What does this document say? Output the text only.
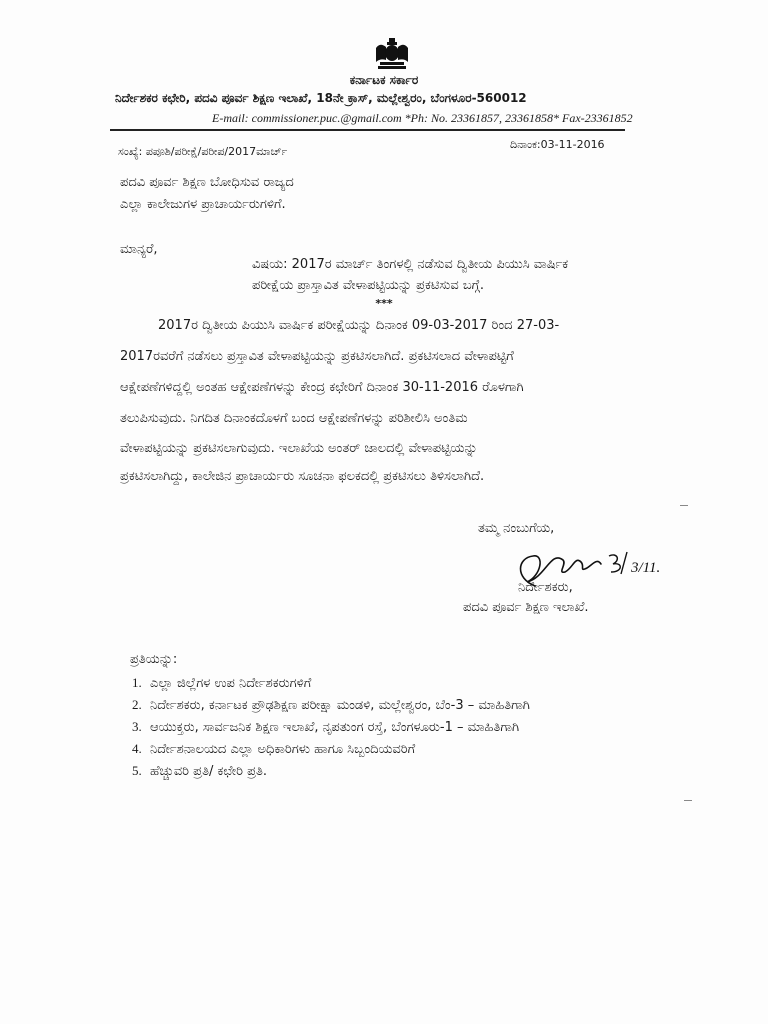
ಕರ್ನಾಟಕ ಸರ್ಕಾರ
ನಿರ್ದೇಶಕರ ಕಛೇರಿ, ಪದವಿ ಪೂರ್ವ ಶಿಕ್ಷಣ ಇಲಾಖೆ, 18ನೇ ಕ್ರಾಸ್, ಮಲ್ಲೇಶ್ವರಂ, ಬೆಂಗಳೂರ-560012
E-mail: commissioner.puc.@gmail.com *Ph: No. 23361857, 23361858* Fax-23361852
ಸಂಖ್ಯೆ: ಪಪೂಶಿ/ಪರೀಕ್ಷೆ/ಪರೀಪ/2017ಮಾರ್ಚ್
ದಿನಾಂಕ:03-11-2016
ಪದವಿ ಪೂರ್ವ ಶಿಕ್ಷಣ ಬೋಧಿಸುವ ರಾಜ್ಯದ
ಎಲ್ಲಾ ಕಾಲೇಜುಗಳ ಪ್ರಾಚಾರ್ಯರುಗಳಿಗೆ.
ಮಾನ್ಯರೆ,
ವಿಷಯ: 2017ರ ಮಾರ್ಚ್ ತಿಂಗಳಲ್ಲಿ ನಡೆಸುವ ದ್ವಿತೀಯ ಪಿಯುಸಿ ವಾರ್ಷಿಕ
ಪರೀಕ್ಷೆಯ ಪ್ರಾಸ್ತಾವಿತ ವೇಳಾಪಟ್ಟಿಯನ್ನು ಪ್ರಕಟಿಸುವ ಬಗ್ಗೆ.
***
2017ರ ದ್ವಿತೀಯ ಪಿಯುಸಿ ವಾರ್ಷಿಕ ಪರೀಕ್ಷೆಯನ್ನು ದಿನಾಂಕ 09-03-2017 ರಿಂದ 27-03-
2017ರವರೆಗೆ ನಡೆಸಲು ಪ್ರಸ್ತಾವಿತ ವೇಳಾಪಟ್ಟಿಯನ್ನು ಪ್ರಕಟಿಸಲಾಗಿದೆ. ಪ್ರಕಟಿಸಲಾದ ವೇಳಾಪಟ್ಟಿಗೆ
ಆಕ್ಷೇಪಣೆಗಳಿದ್ದಲ್ಲಿ ಅಂತಹ ಆಕ್ಷೇಪಣೆಗಳನ್ನು ಕೇಂದ್ರ ಕಛೇರಿಗೆ ದಿನಾಂಕ 30-11-2016 ರೊಳಗಾಗಿ
ತಲುಪಿಸುವುದು. ನಿಗದಿತ ದಿನಾಂಕದೊಳಗೆ ಬಂದ ಆಕ್ಷೇಪಣೆಗಳನ್ನು ಪರಿಶೀಲಿಸಿ ಅಂತಿಮ
ವೇಳಾಪಟ್ಟಿಯನ್ನು ಪ್ರಕಟಿಸಲಾಗುವುದು. ಇಲಾಖೆಯ ಅಂತರ್ ಜಾಲದಲ್ಲಿ ವೇಳಾಪಟ್ಟಿಯನ್ನು
ಪ್ರಕಟಿಸಲಾಗಿದ್ದು, ಕಾಲೇಜಿನ ಪ್ರಾಚಾರ್ಯರು ಸೂಚನಾ ಫಲಕದಲ್ಲಿ ಪ್ರಕಟಿಸಲು ತಿಳಿಸಲಾಗಿದೆ.
ತಮ್ಮ ನಂಬುಗೆಯ,
3/11.
ನಿರ್ದೇಶಕರು,
ಪದವಿ ಪೂರ್ವ ಶಿಕ್ಷಣ ಇಲಾಖೆ.
ಪ್ರತಿಯನ್ನು:
1. ಎಲ್ಲಾ ಜಿಲ್ಲೆಗಳ ಉಪ ನಿರ್ದೇಶಕರುಗಳಿಗೆ
2. ನಿರ್ದೇಶಕರು, ಕರ್ನಾಟಕ ಪ್ರೌಢಶಿಕ್ಷಣ ಪರೀಕ್ಷಾ ಮಂಡಳಿ, ಮಲ್ಲೇಶ್ವರಂ, ಬೆಂ-3 – ಮಾಹಿತಿಗಾಗಿ
3. ಆಯುಕ್ತರು, ಸಾರ್ವಜನಿಕ ಶಿಕ್ಷಣ ಇಲಾಖೆ, ನೃಪತುಂಗ ರಸ್ತೆ, ಬೆಂಗಳೂರು-1 – ಮಾಹಿತಿಗಾಗಿ
4. ನಿರ್ದೇಶನಾಲಯದ ಎಲ್ಲಾ ಅಧಿಕಾರಿಗಳು ಹಾಗೂ ಸಿಬ್ಬಂದಿಯವರಿಗೆ
5. ಹೆಚ್ಚುವರಿ ಪ್ರತಿ/ ಕಛೇರಿ ಪ್ರತಿ.
